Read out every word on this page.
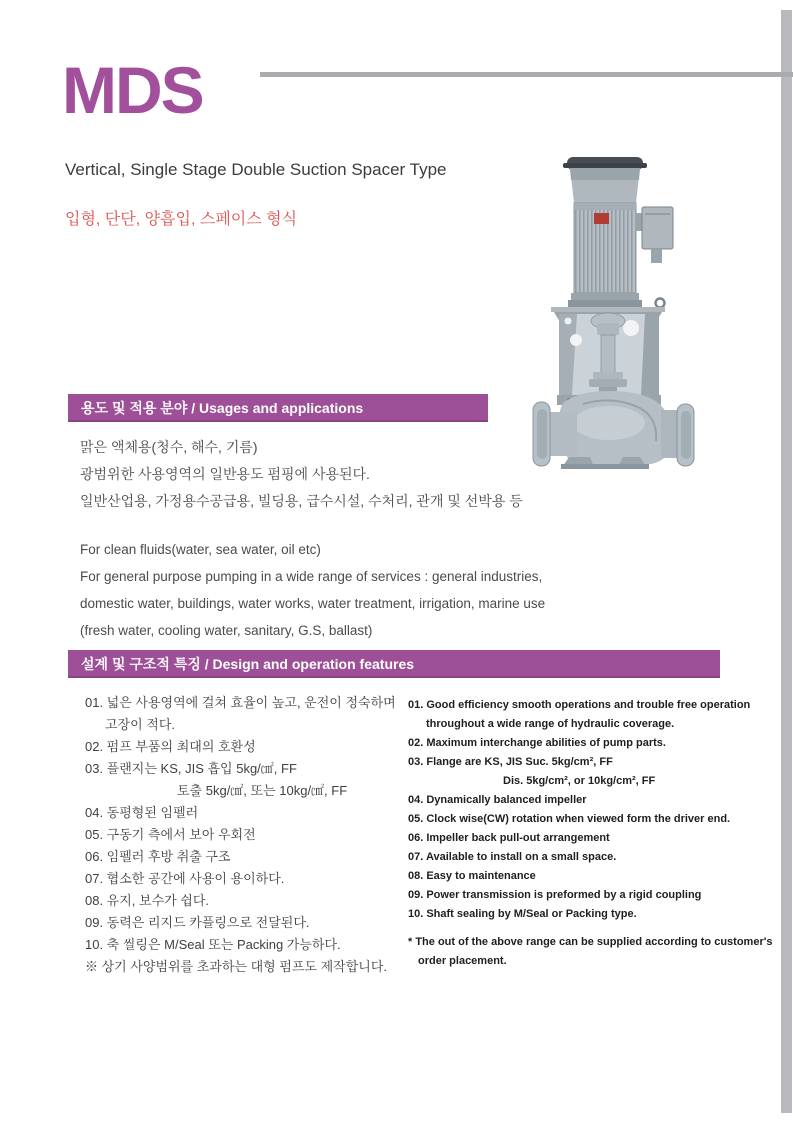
MDS
Vertical, Single Stage Double Suction Spacer Type
입형, 단단, 양흡입, 스페이스 형식
용도 및 적용 분야 / Usages and applications
맑은 액체용(청수, 해수, 기름)
광범위한 사용영역의 일반용도 펌핑에 사용된다.
일반산업용, 가정용수공급용, 빌딩용, 급수시설, 수처리, 관개 및 선박용 등
For clean fluids(water, sea water, oil etc)
For general purpose pumping in a wide range of services : general industries,
domestic water, buildings, water works, water treatment, irrigation, marine use
(fresh water, cooling water, sanitary, G.S, ballast)
설계 및 구조적 특징 / Design and operation features
01. 넓은 사용영역에 걸쳐 효율이 높고, 운전이 정숙하며
고장이 적다.
02. 펌프 부품의 최대의 호환성
03. 플랜지는 KS, JIS 흡입 5kg/㎠, FF
토출 5kg/㎠, 또는 10kg/㎠, FF
04. 동평형된 임펠러
05. 구동기 측에서 보아 우회전
06. 임펠러 후방 취출 구조
07. 협소한 공간에 사용이 용이하다.
08. 유지, 보수가 쉽다.
09. 동력은 리지드 카플링으로 전달된다.
10. 축 씰링은 M/Seal 또는 Packing 가능하다.
※ 상기 사양범위를 초과하는 대형 펌프도 제작합니다.
01. Good efficiency smooth operations and trouble free operation
throughout a wide range of hydraulic coverage.
02. Maximum interchange abilities of pump parts.
03. Flange are KS, JIS Suc. 5kg/cm², FF
Dis. 5kg/cm², or 10kg/cm², FF
04. Dynamically balanced impeller
05. Clock wise(CW) rotation when viewed form the driver end.
06. Impeller back pull-out arrangement
07. Available to install on a small space.
08. Easy to maintenance
09. Power transmission is preformed by a rigid coupling
10. Shaft sealing by M/Seal or Packing type.
* The out of the above range can be supplied according to customer's
order placement.
